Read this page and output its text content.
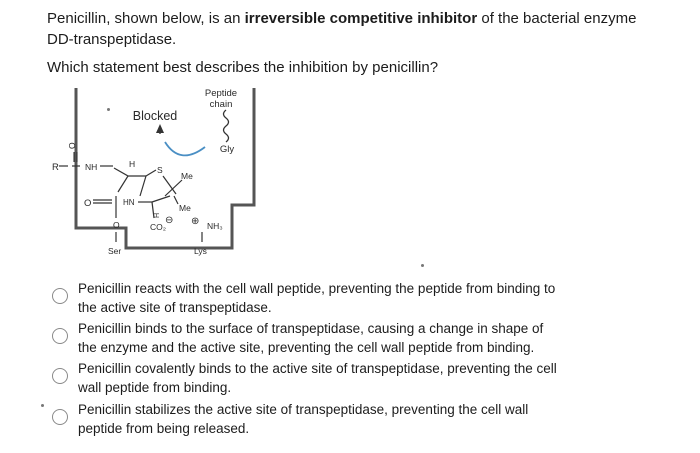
Penicillin, shown below, is an irreversible competitive inhibitor of the bacterial enzyme DD-transpeptidase.
Which statement best describes the inhibition by penicillin?
Peptide
chain
Gly
Blocked
R
O
NH	H
S
Me
Me
HN
H
CO₂
⊖ ⊕
O
O
Ser
NH₃
Lys
Penicillin reacts with the cell wall peptide, preventing the peptide from binding to the active site of transpeptidase.
Penicillin binds to the surface of transpeptidase, causing a change in shape of the enzyme and the active site, preventing the cell wall peptide from binding.
Penicillin covalently binds to the active site of transpeptidase, preventing the cell wall peptide from binding.
Penicillin stabilizes the active site of transpeptidase, preventing the cell wall peptide from being released.
